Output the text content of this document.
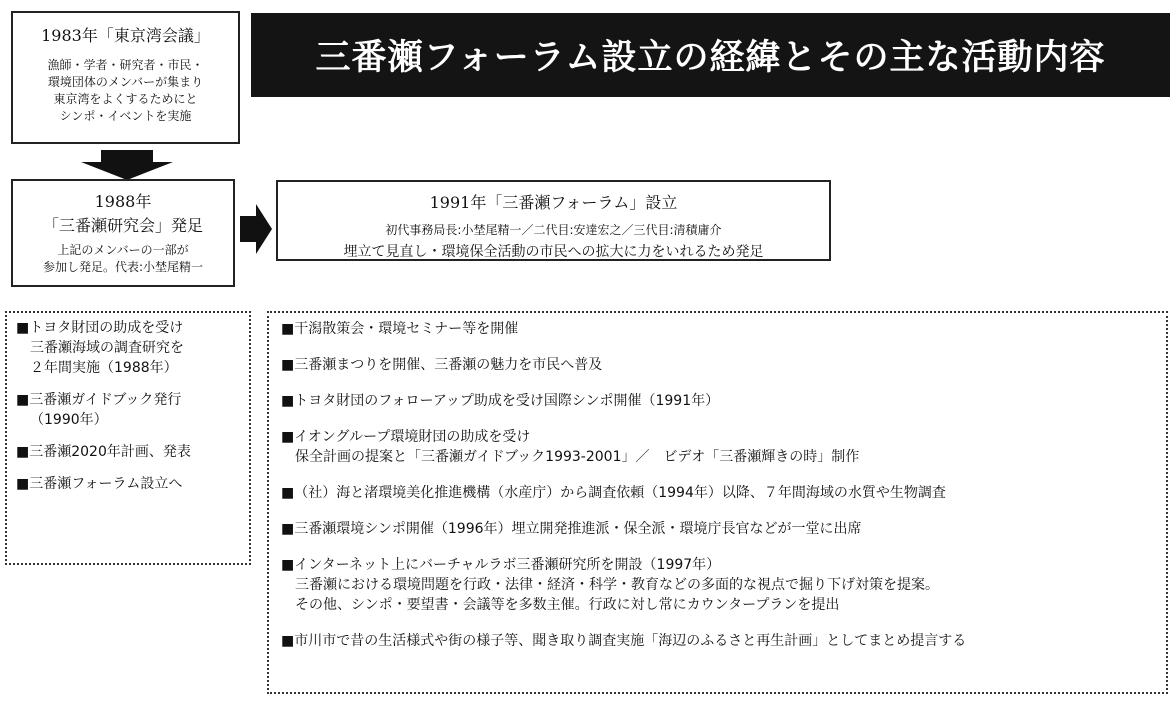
三番瀬フォーラム設立の経緯とその主な活動内容
1983年「東京湾会議」
漁師・学者・研究者・市民・
環境団体のメンバーが集まり
東京湾をよくするためにと
シンポ・イベントを実施
1988年
「三番瀬研究会」発足
上記のメンバーの一部が
参加し発足。代表:小埜尾精一
1991年「三番瀬フォーラム」設立
初代事務局長:小埜尾精一／二代目:安達宏之／三代目:清積庸介
埋立て見直し・環境保全活動の市民への拡大に力をいれるため発足
■トヨタ財団の助成を受け
三番瀬海域の調査研究を
２年間実施（1988年）
■三番瀬ガイドブック発行
（1990年）
■三番瀬2020年計画、発表
■三番瀬フォーラム設立へ
■干潟散策会・環境セミナー等を開催
■三番瀬まつりを開催、三番瀬の魅力を市民へ普及
■トヨタ財団のフォローアップ助成を受け国際シンポ開催（1991年）
■イオングループ環境財団の助成を受け
保全計画の提案と「三番瀬ガイドブック1993-2001」／　ビデオ「三番瀬輝きの時」制作
■（社）海と渚環境美化推進機構（水産庁）から調査依頼（1994年）以降、７年間海域の水質や生物調査
■三番瀬環境シンポ開催（1996年）埋立開発推進派・保全派・環境庁長官などが一堂に出席
■インターネット上にバーチャルラボ三番瀬研究所を開設（1997年）
三番瀬における環境問題を行政・法律・経済・科学・教育などの多面的な視点で掘り下げ対策を提案。
その他、シンポ・要望書・会議等を多数主催。行政に対し常にカウンタープランを提出
■市川市で昔の生活様式や街の様子等、聞き取り調査実施「海辺のふるさと再生計画」としてまとめ提言する
